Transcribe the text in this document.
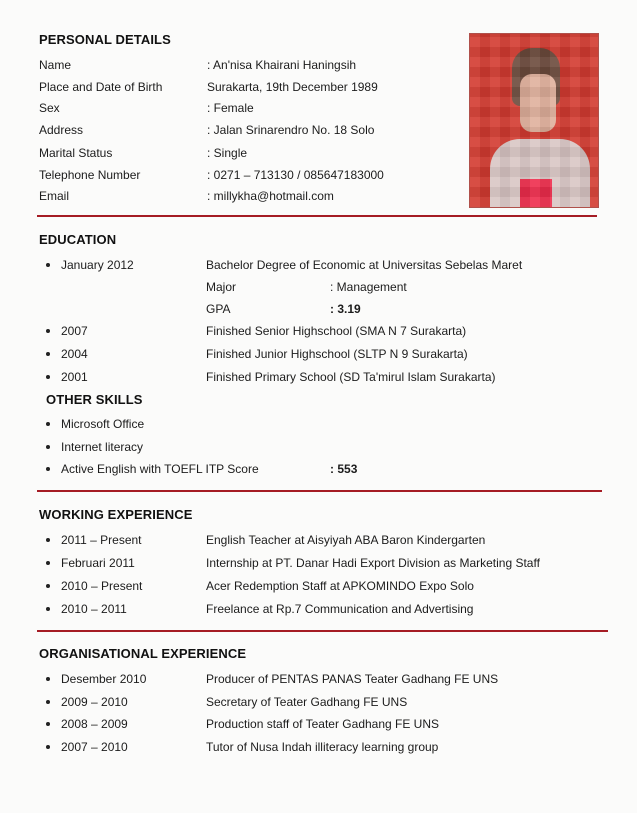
PERSONAL DETAILS
Name	: An'nisa Khairani Haningsih
Place and Date of Birth	Surakarta, 19th December 1989
Sex	: Female
Address	: Jalan Srinarendro No. 18 Solo
Marital Status	: Single
Telephone Number	: 0271 – 713130 / 085647183000
Email	: millykha@hotmail.com
EDUCATION
January 2012	Bachelor Degree of Economic at Universitas Sebelas Maret
Major	: Management
GPA	: 3.19
2007	Finished Senior Highschool (SMA N 7 Surakarta)
2004	Finished Junior Highschool (SLTP N 9 Surakarta)
2001	Finished Primary School (SD Ta'mirul Islam Surakarta)
OTHER SKILLS
Microsoft Office
Internet literacy
Active English with TOEFL ITP Score	: 553
WORKING EXPERIENCE
2011 – Present	English Teacher at Aisyiyah ABA Baron Kindergarten
Februari 2011	Internship at PT. Danar Hadi Export Division as Marketing Staff
2010 – Present	Acer Redemption Staff at APKOMINDO Expo Solo
2010 – 2011	Freelance at Rp.7 Communication and Advertising
ORGANISATIONAL EXPERIENCE
Desember 2010	Producer of PENTAS PANAS Teater Gadhang FE UNS
2009 – 2010	Secretary of Teater Gadhang FE UNS
2008 – 2009	Production staff of Teater Gadhang FE UNS
2007 – 2010	Tutor of Nusa Indah illiteracy learning group
